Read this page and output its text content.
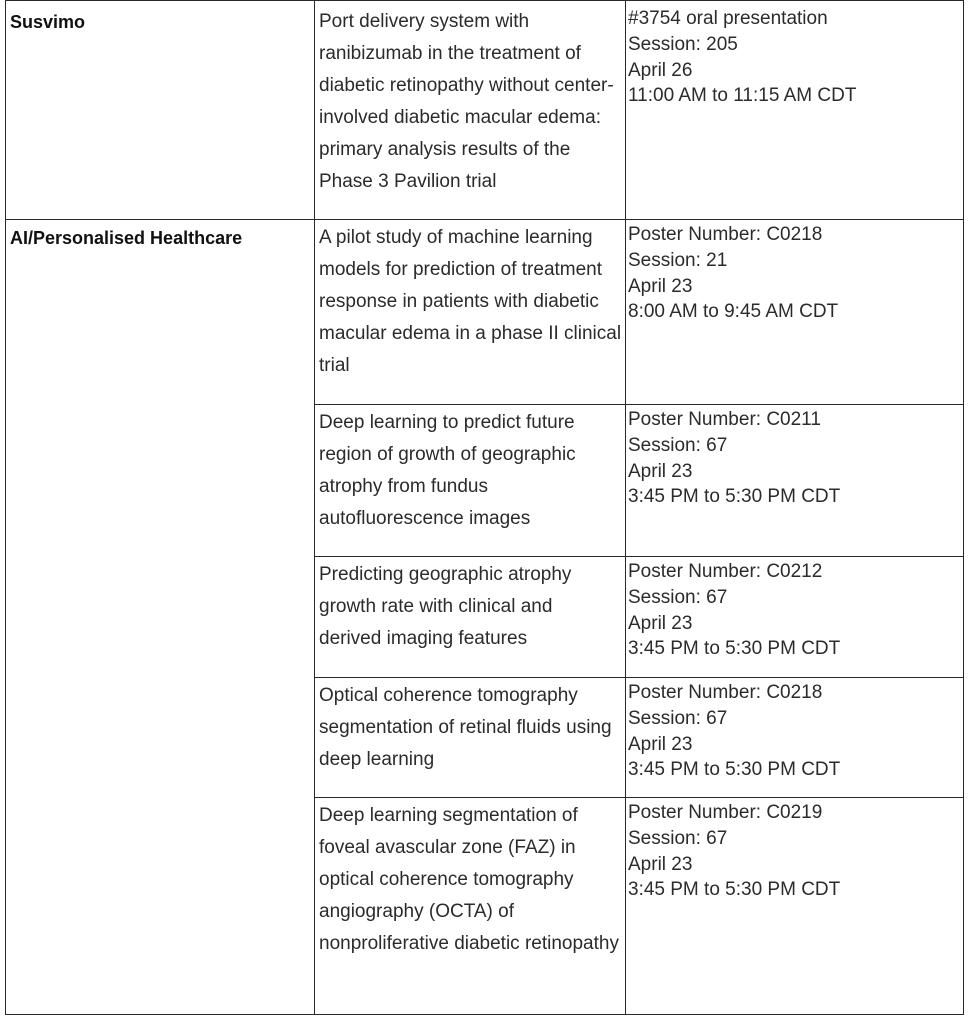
Susvimo	Port delivery system with ranibizumab in the treatment of diabetic retinopathy without center-involved diabetic macular edema: primary analysis results of the Phase 3 Pavilion trial
#3754 oral presentation
Session: 205
April 26
11:00 AM to 11:15 AM CDT
AI/Personalised Healthcare	A pilot study of machine learning models for prediction of treatment response in patients with diabetic macular edema in a phase II clinical trial
Poster Number: C0218
Session: 21
April 23
8:00 AM to 9:45 AM CDT
Deep learning to predict future region of growth of geographic atrophy from fundus autofluorescence images
Poster Number: C0211
Session: 67
April 23
3:45 PM to 5:30 PM CDT
Predicting geographic atrophy growth rate with clinical and derived imaging features
Poster Number: C0212
Session: 67
April 23
3:45 PM to 5:30 PM CDT
Optical coherence tomography segmentation of retinal fluids using deep learning
Poster Number: C0218
Session: 67
April 23
3:45 PM to 5:30 PM CDT
Deep learning segmentation of foveal avascular zone (FAZ) in optical coherence tomography angiography (OCTA) of nonproliferative diabetic retinopathy
Poster Number: C0219
Session: 67
April 23
3:45 PM to 5:30 PM CDT
